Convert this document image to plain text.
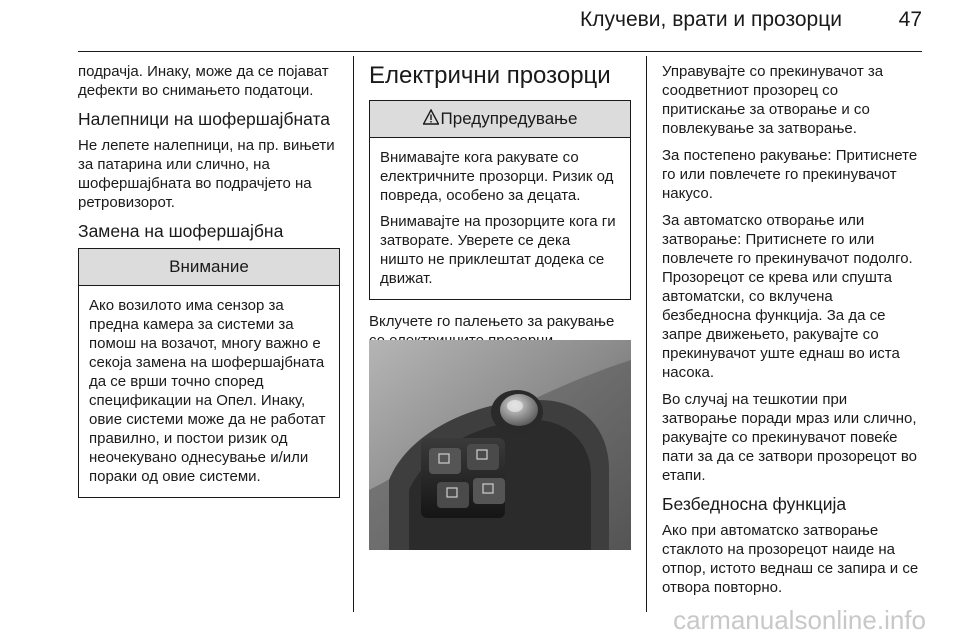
Клучеви, врати и прозорци	47

подрачја. Инаку, може да се појават дефекти во снимањето податоци.

Налепници на шофершајбната

Не лепете налепници, на пр. вињети за патарина или слично, на шофершајбната во подрачјето на ретровизорот.

Замена на шофершајбна
Внимание

Ако возилото има сензор за предна камера за системи за помош на возачот, многу важно е секоја замена на шофершајбната да се врши точно според спецификации на Опел. Инаку, овие системи може да не работат правилно, и постои ризик од неочекувано однесување и/или пораки од овие системи.

Електрични прозорци
Предупредување

Внимавајте кога ракувате со електричните прозорци. Ризик од повреда, особено за децата.

Внимавајте на прозорците кога ги затворате. Уверете се дека ништо не приклештат додека се движат.

Вклучете го палењето за ракување

Управувајте со прекинувачот за соодветниот прозорец со притискање за отворање и со повлекување за затворање.

За постепено ракување: Притиснете го или повлечете го прекинувачот накусо.

За автоматско отворање или затворање: Притиснете го или повлечете го прекинувачот подолго. Прозорецот се крева или спушта автоматски, со вклучена безбедносна функција. За да се запре движењето, ракувајте со прекинувачот уште еднаш во иста насока.

Во случај на тешкотии при затворање поради мраз или слично, ракувајте со прекинувачот повеќе пати за да се затвори прозорецот во етапи.

Безбедносна функција

Ако при автоматско затворање стаклото на прозорецот наиде на отпор, истото веднаш се запира и се отвора повторно.

carmanualsonline.info
